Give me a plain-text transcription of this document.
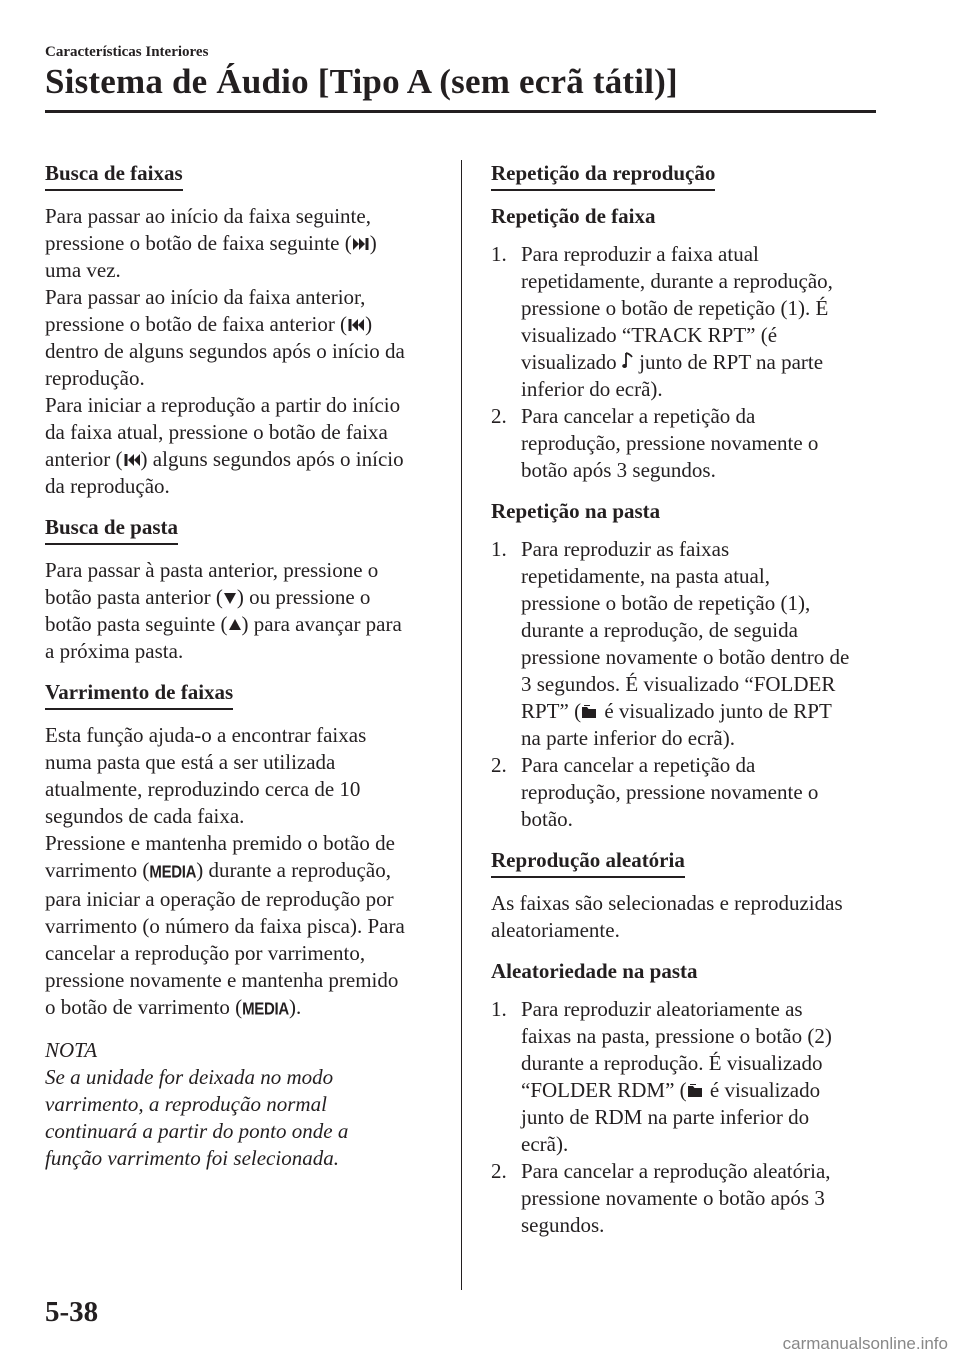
Características Interiores
Sistema de Áudio [Tipo A (sem ecrã tátil)]
Busca de faixas

Para passar ao início da faixa seguinte,
pressione o botão de faixa seguinte ( )
uma vez.
Para passar ao início da faixa anterior,
pressione o botão de faixa anterior ( )
dentro de alguns segundos após o início da
reprodução.
Para iniciar a reprodução a partir do início
da faixa atual, pressione o botão de faixa
anterior ( ) alguns segundos após o início
da reprodução.

Busca de pasta

Para passar à pasta anterior, pressione o
botão pasta anterior ( ) ou pressione o
botão pasta seguinte ( ) para avançar para
a próxima pasta.

Varrimento de faixas

Esta função ajuda-o a encontrar faixas
numa pasta que está a ser utilizada
atualmente, reproduzindo cerca de 10
segundos de cada faixa.
Pressione e mantenha premido o botão de
varrimento (MEDIA) durante a reprodução,
para iniciar a operação de reprodução por
varrimento (o número da faixa pisca). Para
cancelar a reprodução por varrimento,
pressione novamente e mantenha premido
o botão de varrimento (MEDIA).

NOTA

Se a unidade for deixada no modo
varrimento, a reprodução normal
continuará a partir do ponto onde a
função varrimento foi selecionada.

Repetição da reprodução
Repetição de faixa
1. Para reproduzir a faixa atual
repetidamente, durante a reprodução,
pressione o botão de repetição (1). É
visualizado “TRACK RPT” (é
visualizado junto de RPT na parte
inferior do ecrã).
2. Para cancelar a repetição da
reprodução, pressione novamente o
botão após 3 segundos.
Repetição na pasta
1. Para reproduzir as faixas
repetidamente, na pasta atual,
pressione o botão de repetição (1),
durante a reprodução, de seguida
pressione novamente o botão dentro de
3 segundos. É visualizado “FOLDER
RPT” ( é visualizado junto de RPT
na parte inferior do ecrã).
2. Para cancelar a repetição da
reprodução, pressione novamente o
botão.
Reprodução aleatória

As faixas são selecionadas e reproduzidas
aleatoriamente.

Aleatoriedade na pasta
1. Para reproduzir aleatoriamente as
faixas na pasta, pressione o botão (2)
durante a reprodução. É visualizado
“FOLDER RDM” ( é visualizado
junto de RDM na parte inferior do
ecrã).
2. Para cancelar a reprodução aleatória,
pressione novamente o botão após 3
segundos.
5-38
carmanualsonline.info
